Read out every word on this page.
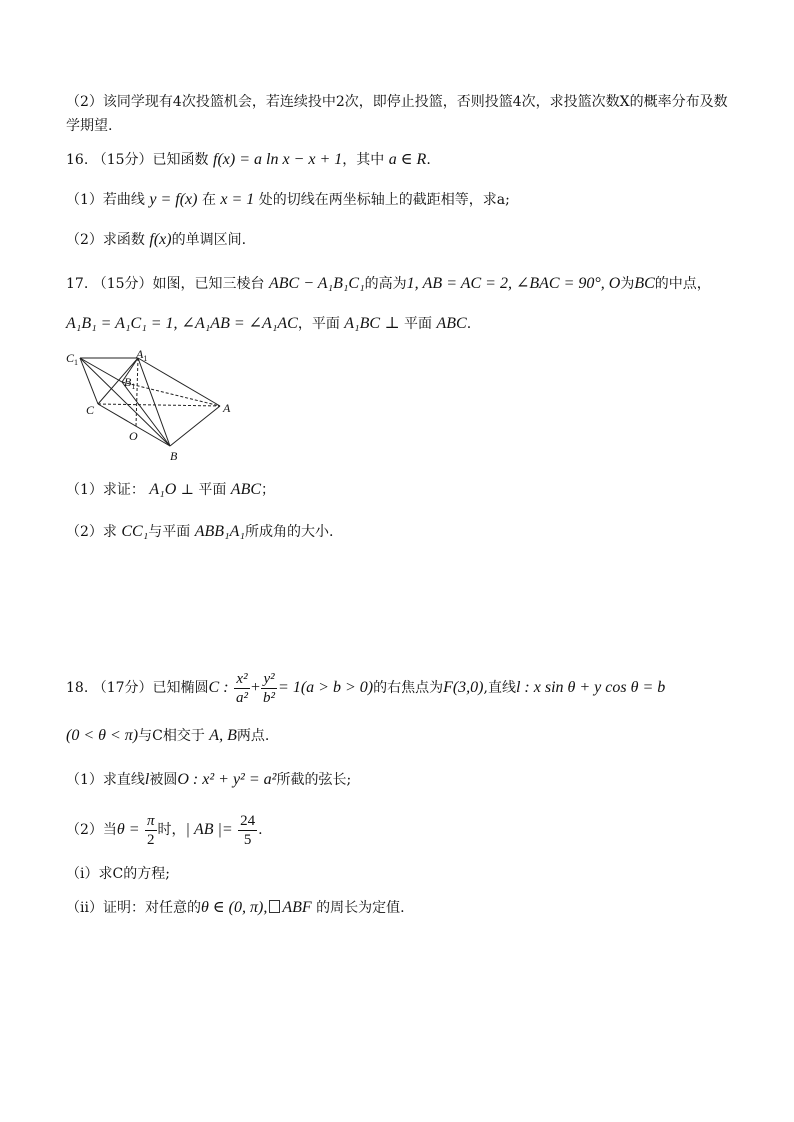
（2）该同学现有4次投篮机会，若连续投中2次，即停止投篮，否则投篮4次，求投篮次数X的概率分布及数
学期望.
16. （15分）已知函数 f(x) = a ln x − x + 1，其中 a ∈ R.
（1）若曲线 y = f(x) 在 x = 1 处的切线在两坐标轴上的截距相等，求a;
（2）求函数 f(x)的单调区间.
17. （15分）如图，已知三棱台 ABC − A₁B₁C₁的高为1, AB = AC = 2, ∠BAC = 90°, O为BC的中点，
A₁B₁ = A₁C₁ = 1, ∠A₁AB = ∠A₁AC，平面 A₁BC ⊥ 平面 ABC.
$C_1$
$A_1$
$B_1$
C	A
O
B
（1）求证： A₁O ⊥ 平面 ABC；
（2）求 CC₁与平面 ABB₁A₁所成角的大小.
18. （17分）已知椭圆C : $\frac{\text{x²}}{\text{a²}} + \frac{\text{y²}}{\text{b²}} = 1(a > b > 0)$的右焦点为F(3,0),直线l : x sin θ + y cos θ = b
(0 < θ < π)与C相交于 A, B两点.
（1）求直线l被圆O : x² + y² = a²所截的弦长;
（2）当$\theta = \frac{\pi}{2}$ 时，| AB |= $\frac{24}{5}$ .
（i）求C的方程;
（ii）证明：对任意的θ ∈ (0, π), ABF 的周长为定值.
